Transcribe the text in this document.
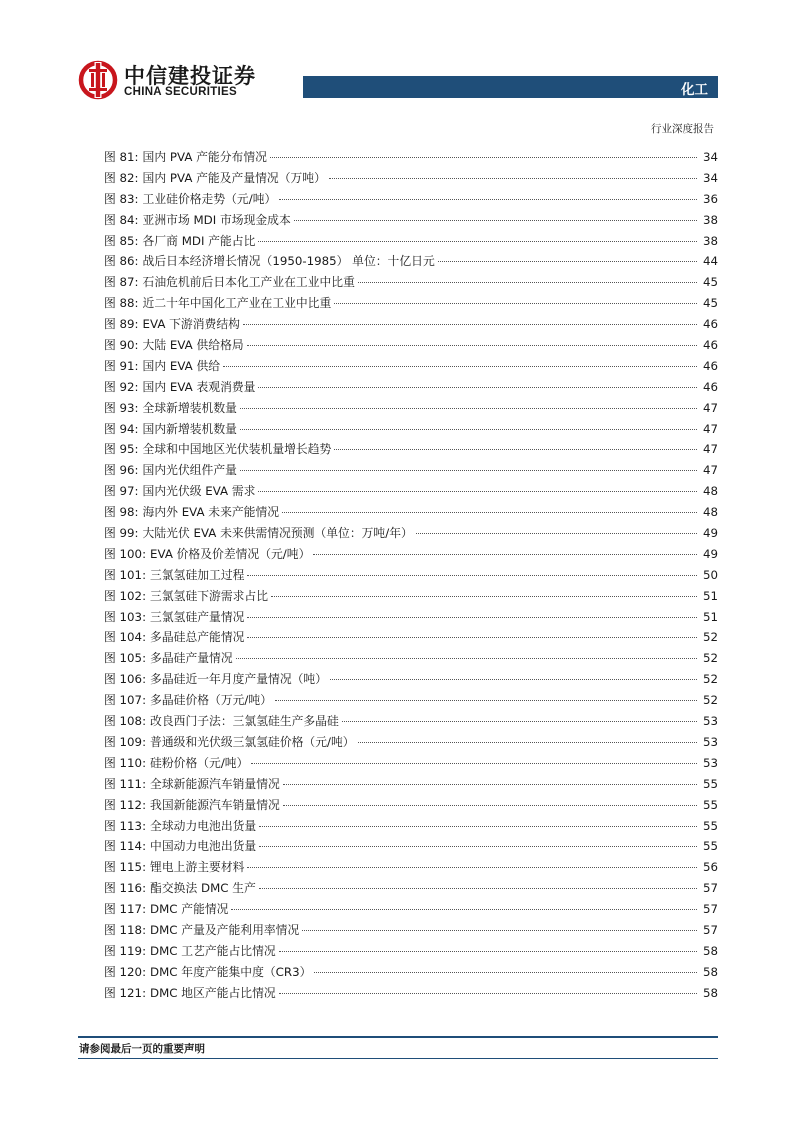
中信建投证券
CHINA SECURITIES	化工
行业深度报告
图 81: 国内 PVA 产能分布情况	34
图 82: 国内 PVA 产能及产量情况（万吨）	34
图 83: 工业硅价格走势（元/吨）	36
图 84: 亚洲市场 MDI 市场现金成本	38
图 85: 各厂商 MDI 产能占比	38
图 86: 战后日本经济增长情况（1950-1985） 单位：十亿日元	44
图 87: 石油危机前后日本化工产业在工业中比重	45
图 88: 近二十年中国化工产业在工业中比重	45
图 89: EVA 下游消费结构	46
图 90: 大陆 EVA 供给格局	46
图 91: 国内 EVA 供给	46
图 92: 国内 EVA 表观消费量	46
图 93: 全球新增装机数量	47
图 94: 国内新增装机数量	47
图 95: 全球和中国地区光伏装机量增长趋势	47
图 96: 国内光伏组件产量	47
图 97: 国内光伏级 EVA 需求	48
图 98: 海内外 EVA 未来产能情况	48
图 99: 大陆光伏 EVA 未来供需情况预测（单位：万吨/年）	49
图 100: EVA 价格及价差情况（元/吨）	49
图 101: 三氯氢硅加工过程	50
图 102: 三氯氢硅下游需求占比	51
图 103: 三氯氢硅产量情况	51
图 104: 多晶硅总产能情况	52
图 105: 多晶硅产量情况	52
图 106: 多晶硅近一年月度产量情况（吨）	52
图 107: 多晶硅价格（万元/吨）	52
图 108: 改良西门子法：三氯氢硅生产多晶硅	53
图 109: 普通级和光伏级三氯氢硅价格（元/吨）	53
图 110: 硅粉价格（元/吨）	53
图 111: 全球新能源汽车销量情况	55
图 112: 我国新能源汽车销量情况	55
图 113: 全球动力电池出货量	55
图 114: 中国动力电池出货量	55
图 115: 锂电上游主要材料	56
图 116: 酯交换法 DMC 生产	57
图 117: DMC 产能情况	57
图 118: DMC 产量及产能利用率情况	57
图 119: DMC 工艺产能占比情况	58
图 120: DMC 年度产能集中度（CR3）	58
图 121: DMC 地区产能占比情况	58
请参阅最后一页的重要声明
